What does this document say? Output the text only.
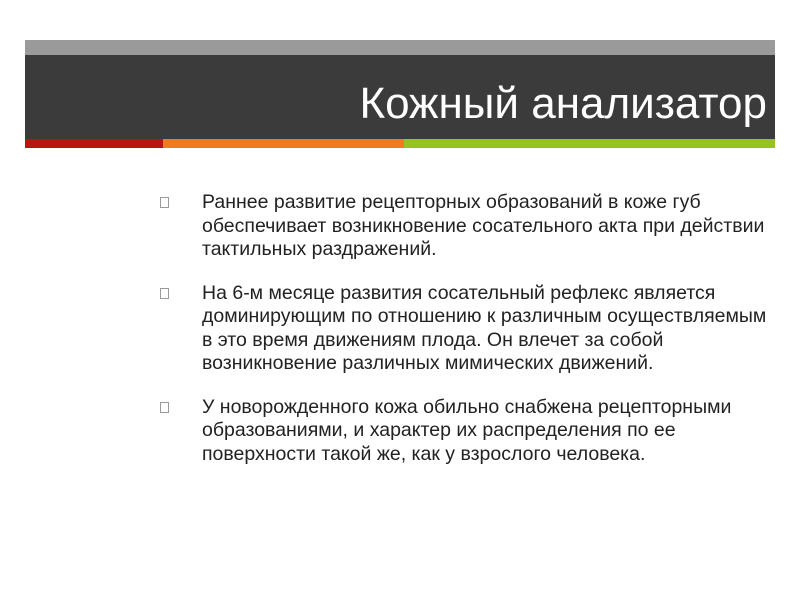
Кожный анализатор
Раннее развитие рецепторных образований в коже губ обеспечивает возникновение сосательного акта при действии тактильных раздражений.
На 6-м месяце развития сосательный рефлекс является доминирующим по отношению к различным осуществляемым в это время движениям плода. Он влечет за собой возникновение различных мимических движений.
У новорожденного кожа обильно снабжена рецепторными образованиями, и характер их распределения по ее поверхности такой же, как у взрослого человека.
